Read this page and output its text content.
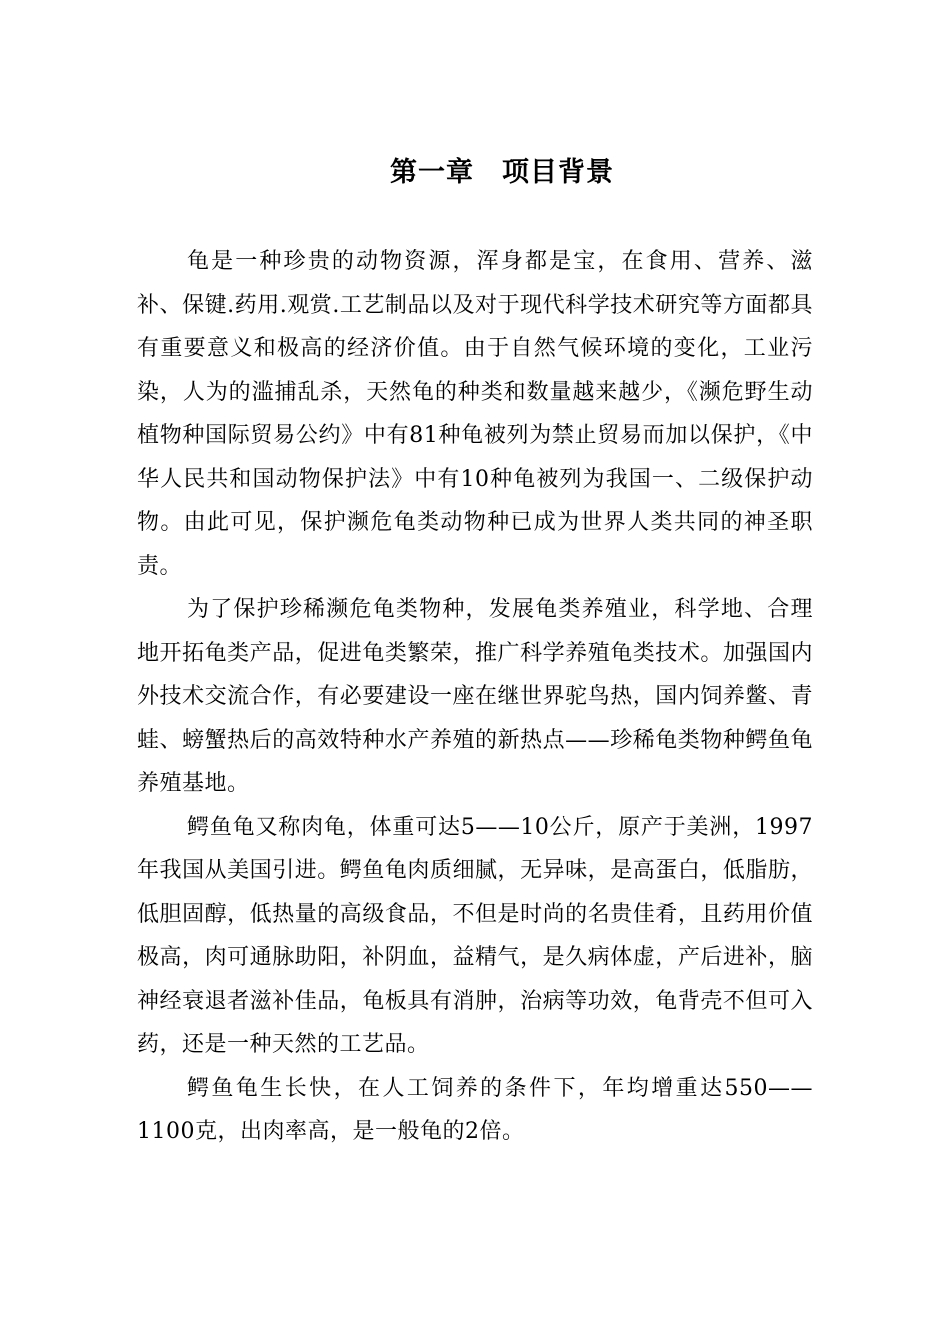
第一章　项目背景

龟是一种珍贵的动物资源，浑身都是宝，在食用、营养、滋补、保键.药用.观赏.工艺制品以及对于现代科学技术研究等方面都具有重要意义和极高的经济价值。由于自然气候环境的变化，工业污染，人为的滥捕乱杀，天然龟的种类和数量越来越少，《濒危野生动植物种国际贸易公约》中有81种龟被列为禁止贸易而加以保护，《中华人民共和国动物保护法》中有10种龟被列为我国一、二级保护动物。由此可见，保护濒危龟类动物种已成为世界人类共同的神圣职责。

为了保护珍稀濒危龟类物种，发展龟类养殖业，科学地、合理地开拓龟类产品，促进龟类繁荣，推广科学养殖龟类技术。加强国内外技术交流合作，有必要建设一座在继世界驼鸟热，国内饲养鳖、青蛙、螃蟹热后的高效特种水产养殖的新热点——珍稀龟类物种鳄鱼龟养殖基地。

鳄鱼龟又称肉龟，体重可达5——10公斤，原产于美洲，1997年我国从美国引进。鳄鱼龟肉质细腻，无异味，是高蛋白，低脂肪，低胆固醇，低热量的高级食品，不但是时尚的名贵佳肴，且药用价值极高，肉可通脉助阳，补阴血，益精气，是久病体虚，产后进补，脑神经衰退者滋补佳品，龟板具有消肿，治病等功效，龟背壳不但可入药，还是一种天然的工艺品。

鳄鱼龟生长快，在人工饲养的条件下，年均增重达550——1100克，出肉率高，是一般龟的2倍。
